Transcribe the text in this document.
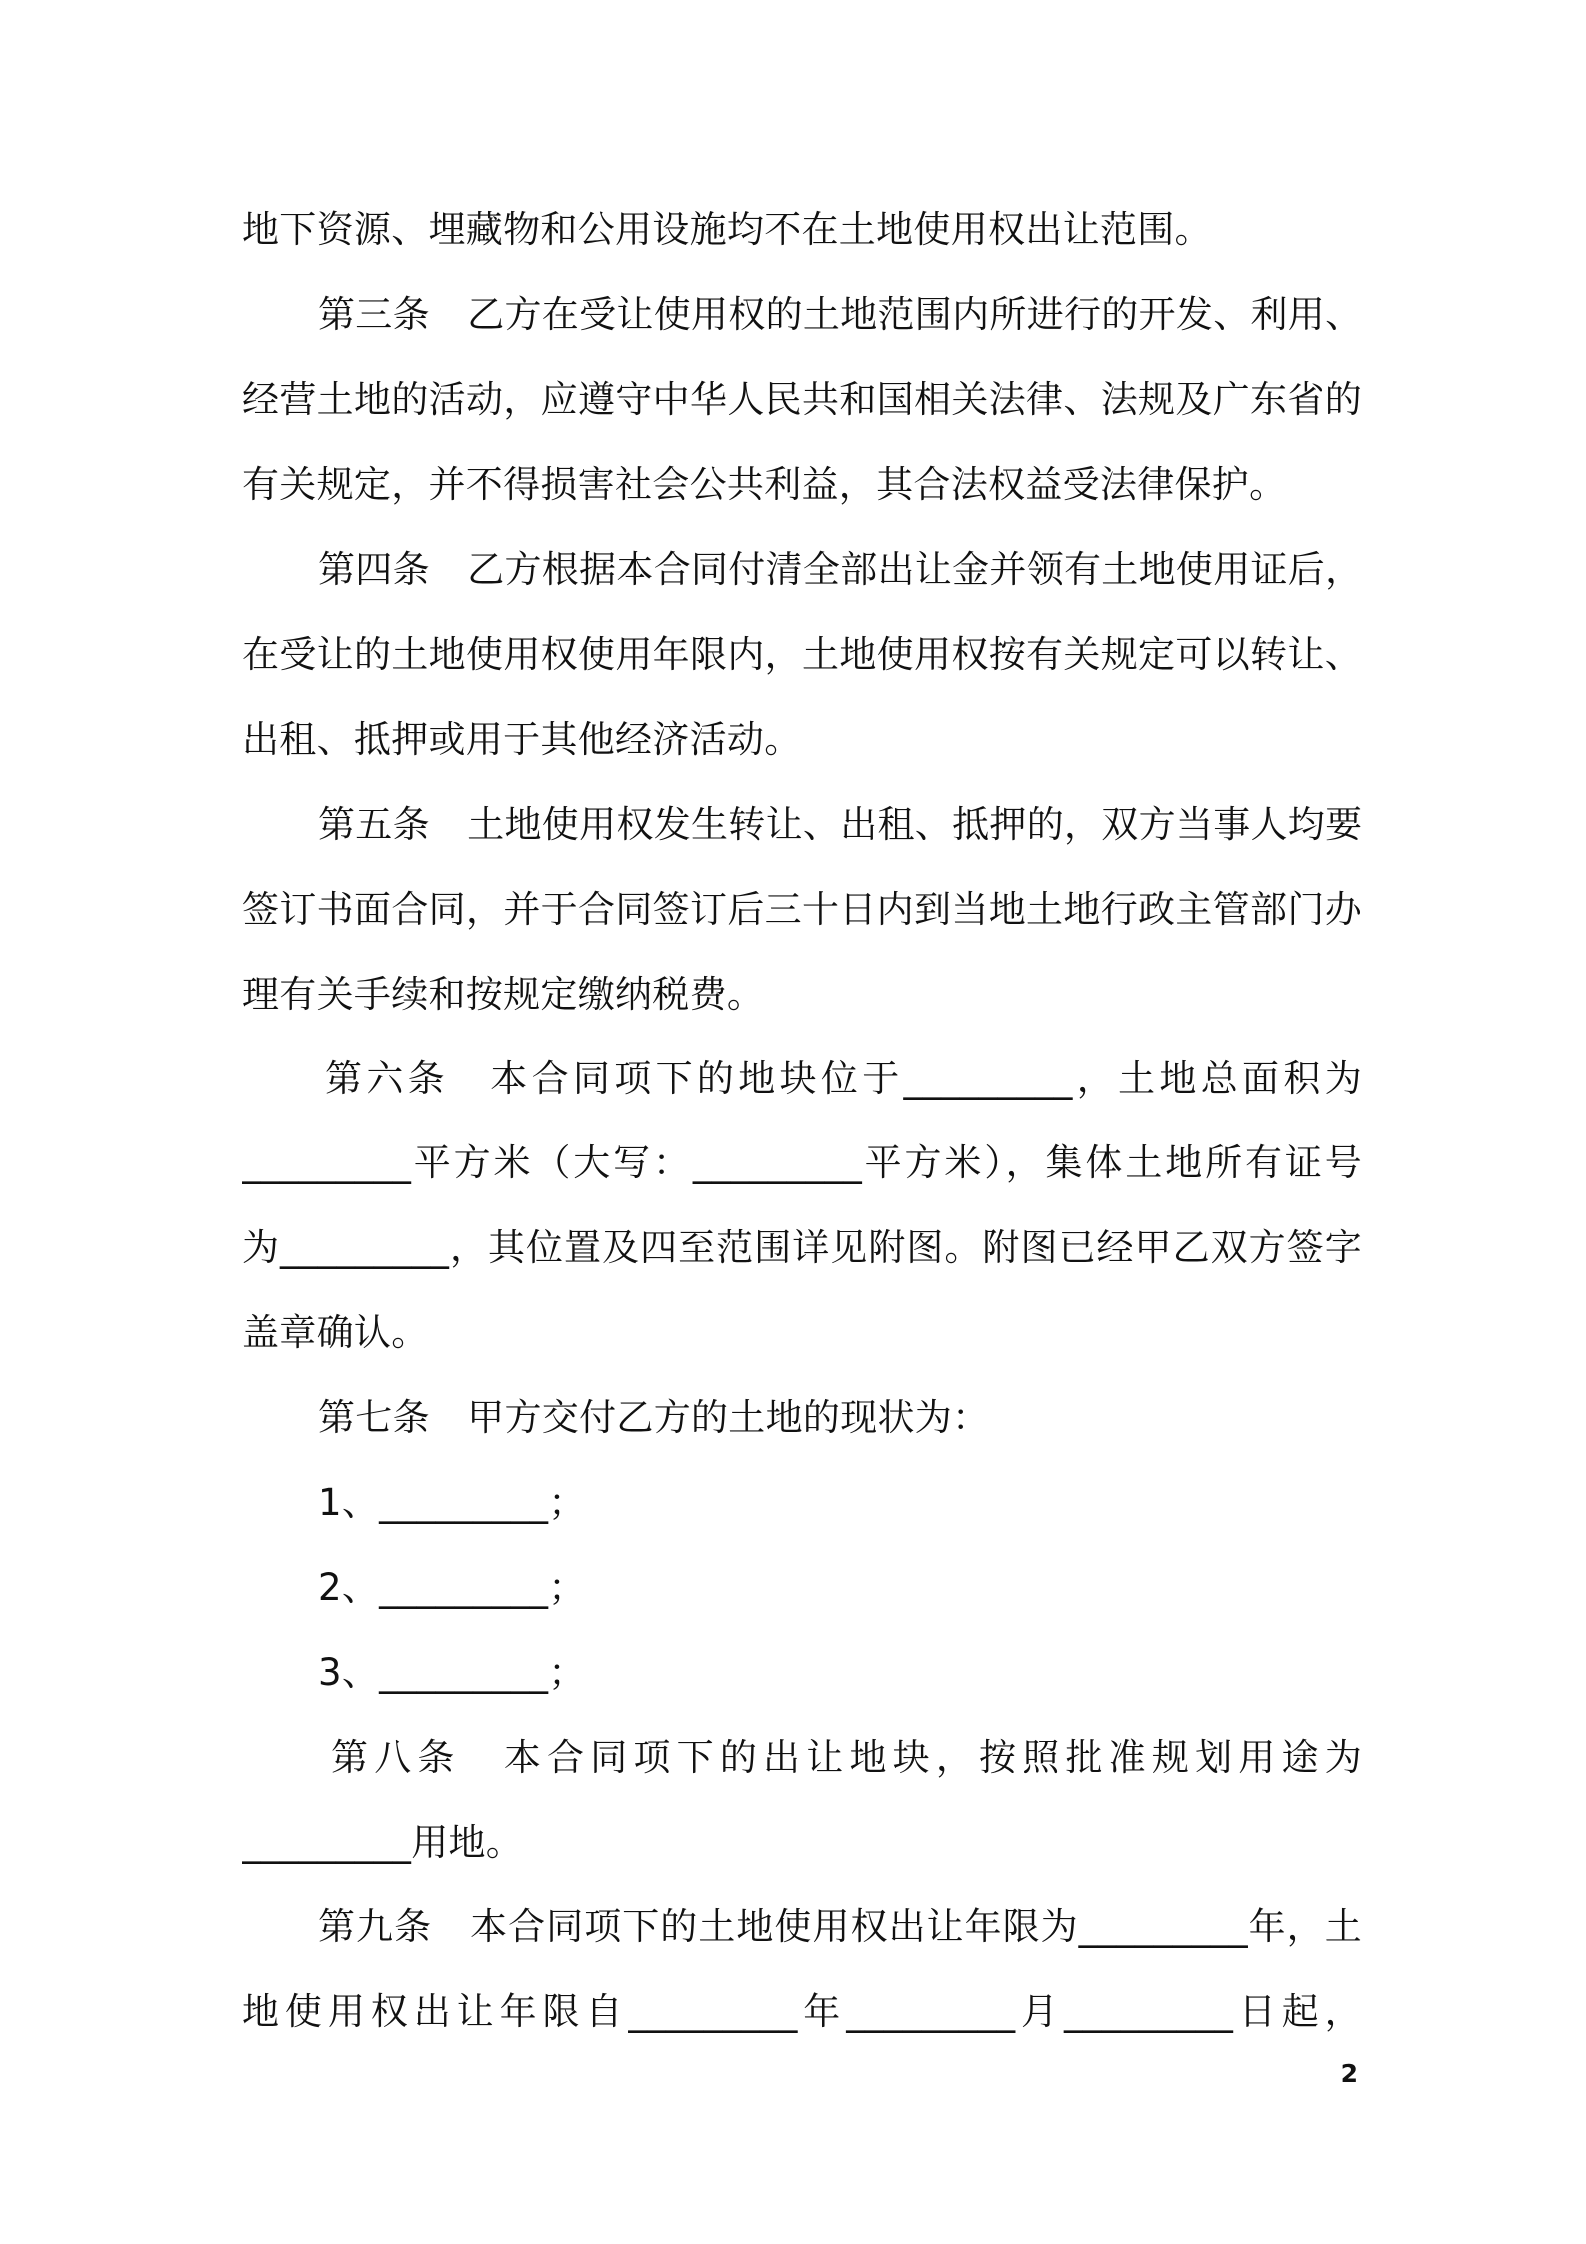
地下资源、埋藏物和公用设施均不在土地使用权出让范围。
第三条　乙方在受让使用权的土地范围内所进行的开发、利用、
经营土地的活动，应遵守中华人民共和国相关法律、法规及广东省的
有关规定，并不得损害社会公共利益，其合法权益受法律保护。
第四条　乙方根据本合同付清全部出让金并领有土地使用证后，
在受让的土地使用权使用年限内，土地使用权按有关规定可以转让、
出租、抵押或用于其他经济活动。
第五条　土地使用权发生转让、出租、抵押的，双方当事人均要
签订书面合同，并于合同签订后三十日内到当地土地行政主管部门办
理有关手续和按规定缴纳税费。
第六条　本合同项下的地块位于_________，土地总面积为
_________平方米（大写：_________平方米），集体土地所有证号
为_________，其位置及四至范围详见附图。附图已经甲乙双方签字
盖章确认。
第七条　甲方交付乙方的土地的现状为：
1、_________；
2、_________；
3、_________；
第八条　本合同项下的出让地块，按照批准规划用途为
_________用地。
第九条　本合同项下的土地使用权出让年限为_________年，土
地使用权出让年限自_________年_________月_________日起，
2
